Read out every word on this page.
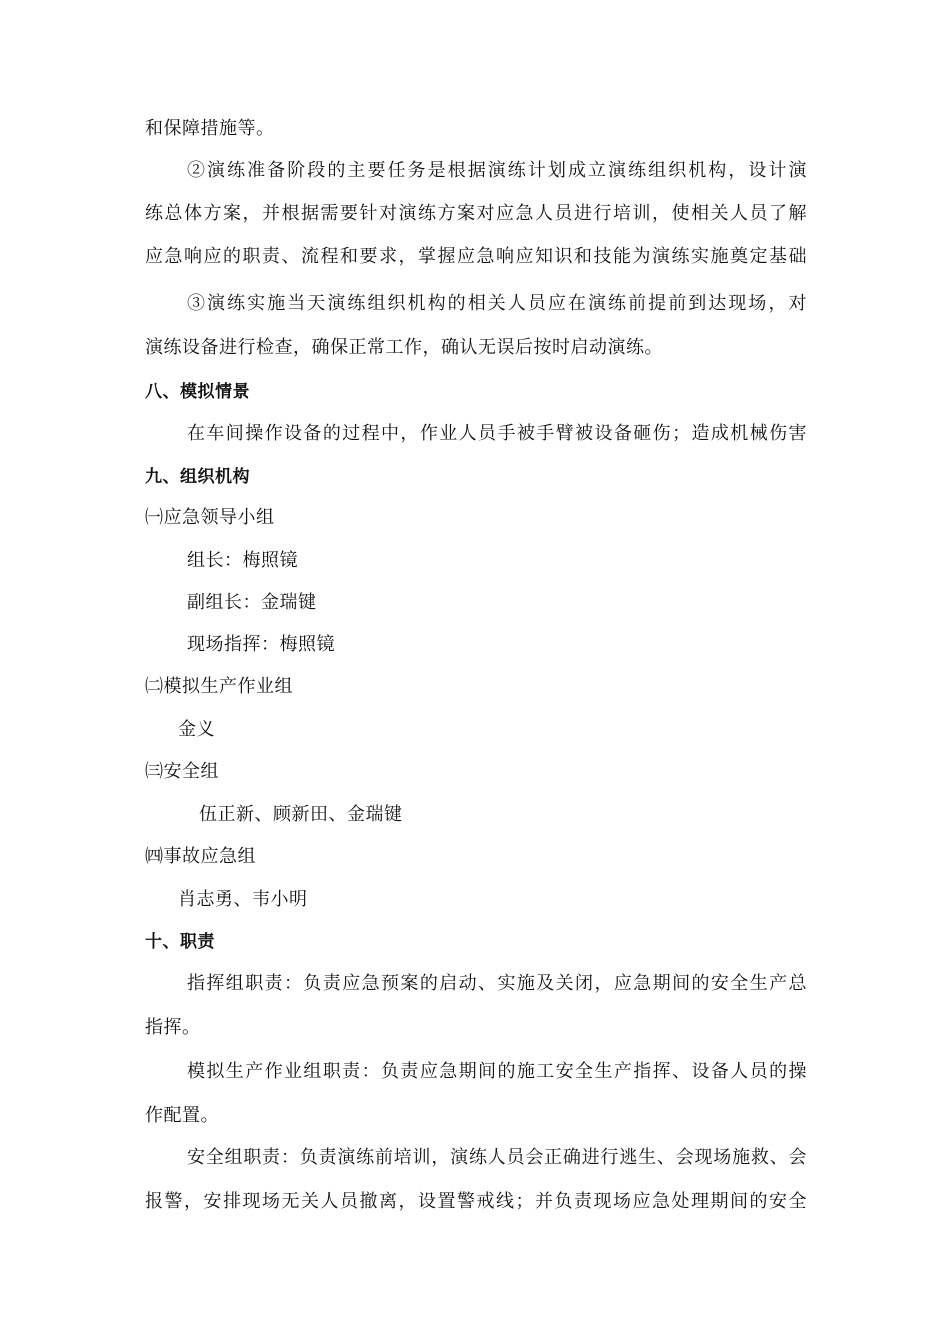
和保障措施等。
②演练准备阶段的主要任务是根据演练计划成立演练组织机构，设计演
练总体方案，并根据需要针对演练方案对应急人员进行培训，使相关人员了解
应急响应的职责、流程和要求，掌握应急响应知识和技能为演练实施奠定基础
③演练实施当天演练组织机构的相关人员应在演练前提前到达现场，对
演练设备进行检查，确保正常工作，确认无误后按时启动演练。
八、模拟情景
在车间操作设备的过程中，作业人员手被手臂被设备砸伤；造成机械伤害
九、组织机构
㈠应急领导小组
组长：梅照镜
副组长：金瑞键
现场指挥：梅照镜
㈡模拟生产作业组
金义
㈢安全组
伍正新、顾新田、金瑞键
㈣事故应急组
肖志勇、韦小明
十、职责
指挥组职责：负责应急预案的启动、实施及关闭，应急期间的安全生产总
指挥。
模拟生产作业组职责：负责应急期间的施工安全生产指挥、设备人员的操
作配置。
安全组职责：负责演练前培训，演练人员会正确进行逃生、会现场施救、会
报警，安排现场无关人员撤离，设置警戒线；并负责现场应急处理期间的安全
